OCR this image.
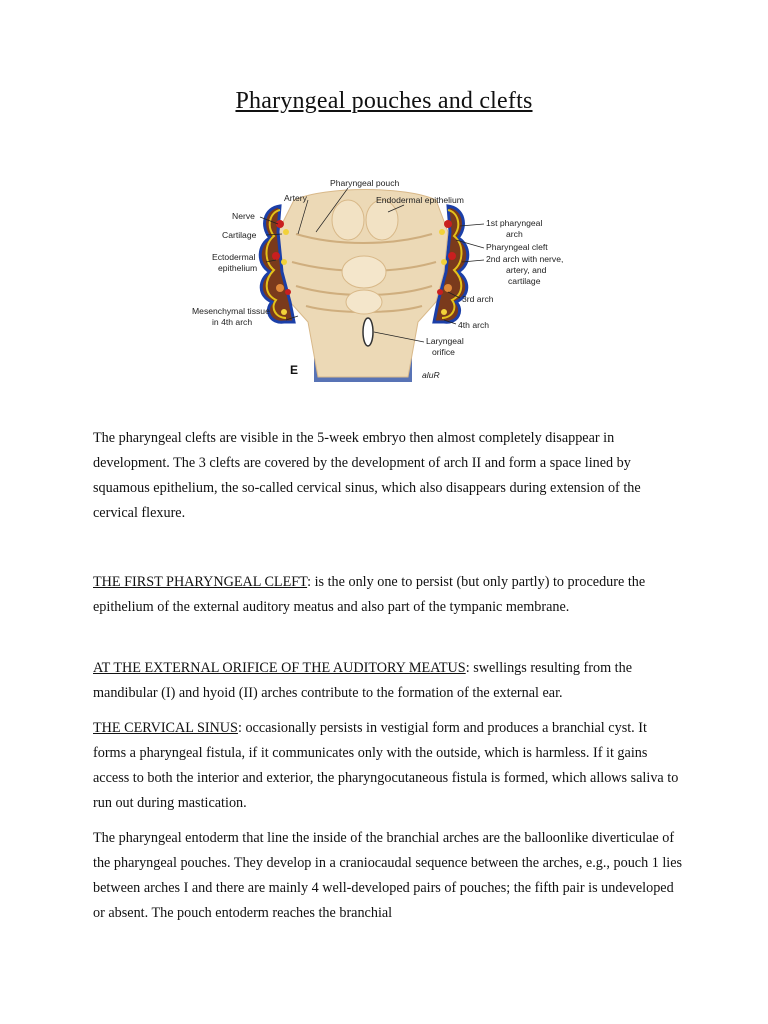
Pharyngeal pouches and clefts
Pharyngeal pouch
Artery	Endodermal epithelium
Nerve
Cartilage
Ectodermal
epithelium
1st pharyngeal
arch
Pharyngeal cleft
2nd arch with nerve,
artery, and
cartilage
3rd arch
Mesenchymal tissue
in 4th arch	4th arch
Laryngeal
orifice
E	aluR

The pharyngeal clefts are visible in the 5-week embryo then almost completely disappear in development. The 3 clefts are covered by the development of arch II and form a space lined by squamous epithelium, the so-called cervical sinus, which also disappears during extension of the cervical flexure.

THE FIRST PHARYNGEAL CLEFT: is the only one to persist (but only partly) to procedure the epithelium of the external auditory meatus and also part of the tympanic membrane.

AT THE EXTERNAL ORIFICE OF THE AUDITORY MEATUS: swellings resulting from the mandibular (I) and hyoid (II) arches contribute to the formation of the external ear.

THE CERVICAL SINUS: occasionally persists in vestigial form and produces a branchial cyst. It forms a pharyngeal fistula, if it communicates only with the outside, which is harmless. If it gains access to both the interior and exterior, the pharyngocutaneous fistula is formed, which allows saliva to run out during mastication.

The pharyngeal entoderm that line the inside of the branchial arches are the balloonlike diverticulae of the pharyngeal pouches. They develop in a craniocaudal sequence between the arches, e.g., pouch 1 lies between arches I and there are mainly 4 well-developed pairs of pouches; the fifth pair is undeveloped or absent. The pouch entoderm reaches the branchial
